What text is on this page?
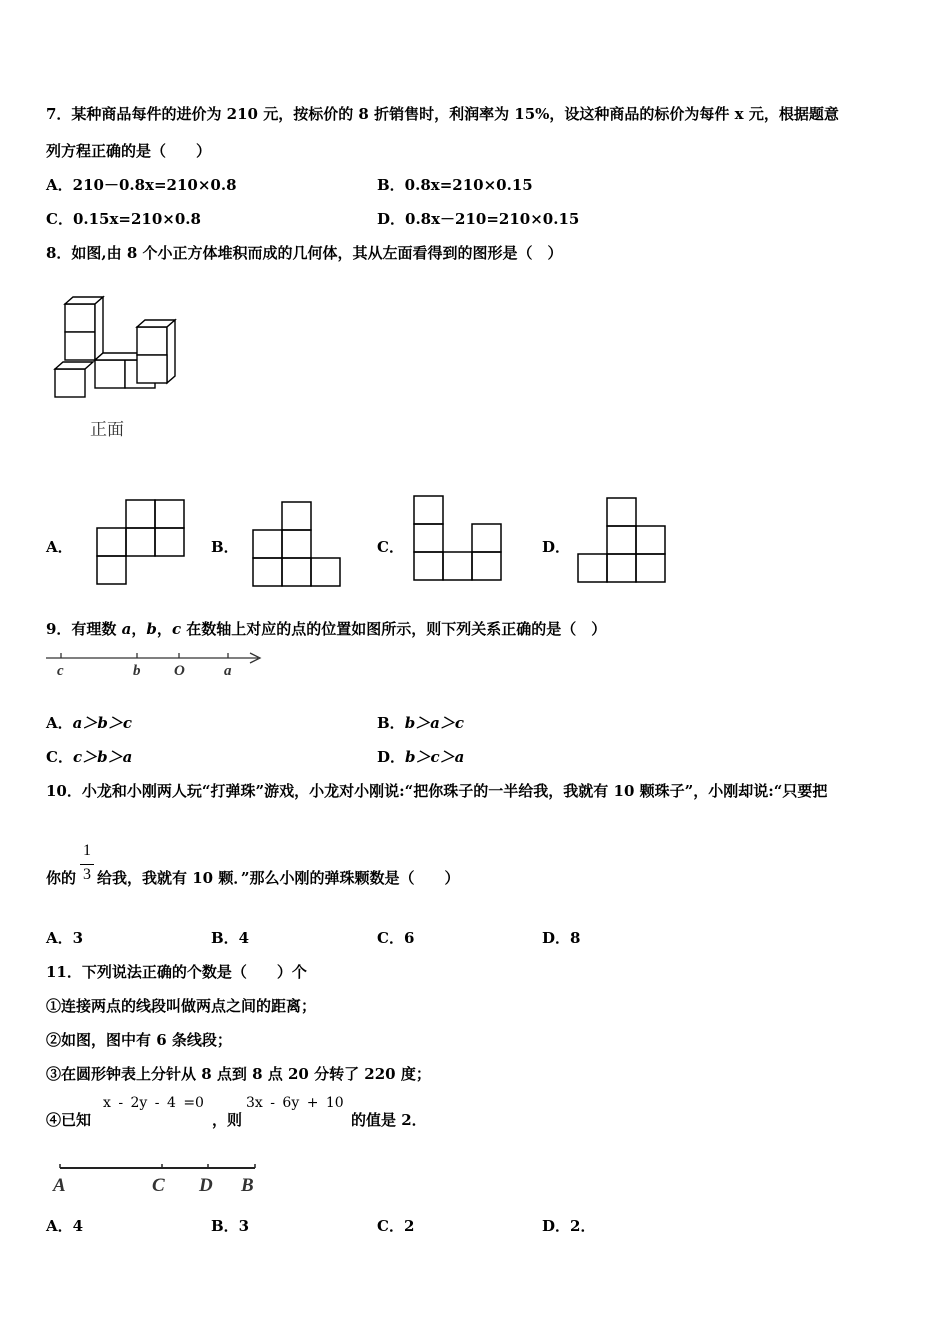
7．某种商品每件的进价为 210 元，按标价的 8 折销售时，利润率为 15%，设这种商品的标价为每件 x 元，根据题意
列方程正确的是（　　）
A．210－0.8x=210×0.8	B．0.8x=210×0.15
C．0.15x=210×0.8	D．0.8x－210=210×0.15
8．如图,由 8 个小正方体堆积而成的几何体，其从左面看得到的图形是（　）
正面
A．	B．	C．	D．
9．有理数 a，b，c 在数轴上对应的点的位置如图所示，则下列关系正确的是（　）
c	b O	a
A．a＞b＞c	B．b＞a＞c
C．c＞b＞a	D．b＞c＞a
10．小龙和小刚两人玩“打弹珠”游戏，小龙对小刚说:“把你珠子的一半给我，我就有 10 颗珠子”，小刚却说:“只要把
你的
1
3 给我，我就有 10 颗．”那么小刚的弹珠颗数是（　　）
A．3	B．4	C．6	D．8
11．下列说法正确的个数是（　　）个
①连接两点的线段叫做两点之间的距离；
②如图，图中有 6 条线段；
③在圆形钟表上分针从 8 点到 8 点 20 分转了 220 度；
④已知
x - 2y - 4 =0
，则
3x - 6y + 10
的值是 2．
A	C D B
A．4	B．3	C．2	D．2．
